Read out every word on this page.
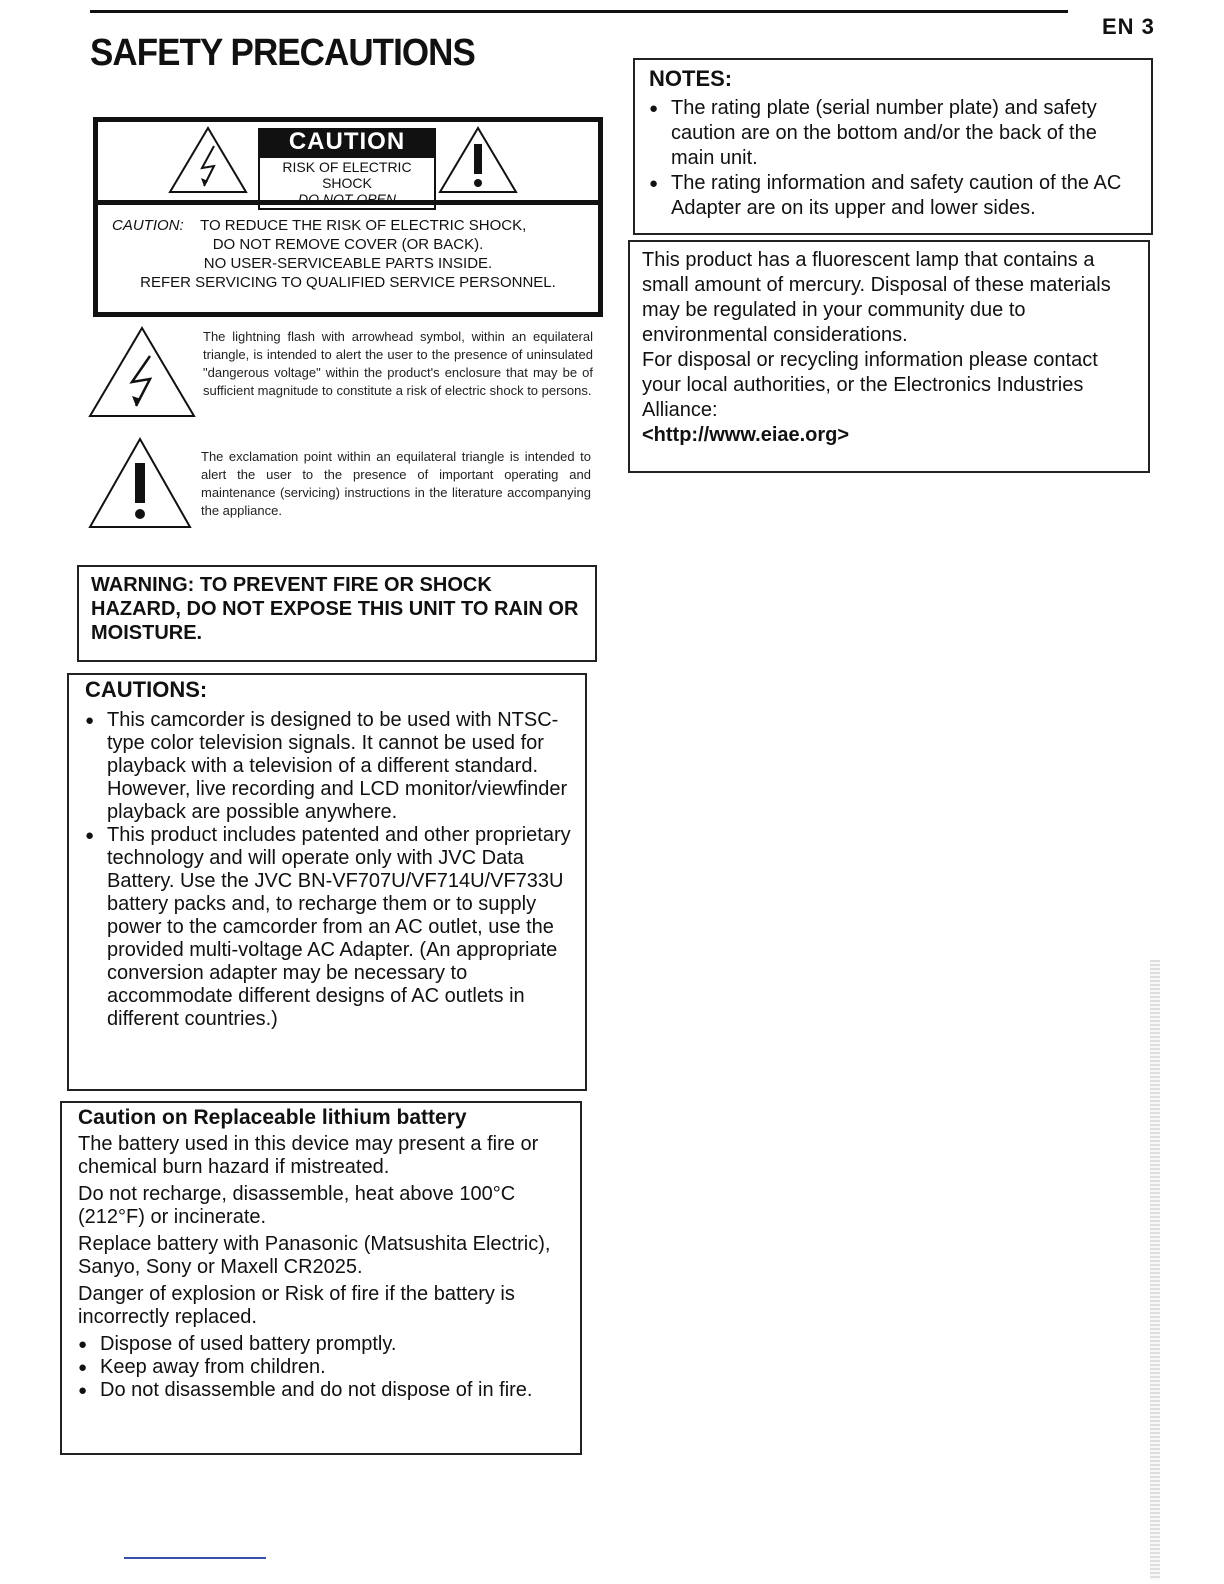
EN 3
SAFETY PRECAUTIONS
CAUTION
RISK OF ELECTRIC SHOCK
DO NOT OPEN
CAUTION: TO REDUCE THE RISK OF ELECTRIC SHOCK,
DO NOT REMOVE COVER (OR BACK).
NO USER-SERVICEABLE PARTS INSIDE.
REFER SERVICING TO QUALIFIED SERVICE PERSONNEL.
The lightning flash with arrowhead symbol, within an equilateral triangle, is intended to alert the user to the presence of uninsulated "dangerous voltage" within the product's enclosure that may be of sufficient magnitude to constitute a risk of electric shock to persons.
The exclamation point within an equilateral triangle is intended to alert the user to the presence of important operating and maintenance (servicing) instructions in the literature accompanying the appliance.
WARNING: TO PREVENT FIRE OR SHOCK HAZARD, DO NOT EXPOSE THIS UNIT TO RAIN OR MOISTURE.
CAUTIONS:
● This camcorder is designed to be used with NTSC-type color television signals. It cannot be used for playback with a television of a different standard. However, live recording and LCD monitor/viewfinder playback are possible anywhere.
● This product includes patented and other proprietary technology and will operate only with JVC Data Battery. Use the JVC BN-VF707U/VF714U/VF733U battery packs and, to recharge them or to supply power to the camcorder from an AC outlet, use the provided multi-voltage AC Adapter. (An appropriate conversion adapter may be necessary to accommodate different designs of AC outlets in different countries.)
Caution on Replaceable lithium battery

The battery used in this device may present a fire or chemical burn hazard if mistreated.

Do not recharge, disassemble, heat above 100°C (212°F) or incinerate.

Replace battery with Panasonic (Matsushita Electric), Sanyo, Sony or Maxell CR2025.

Danger of explosion or Risk of fire if the battery is incorrectly replaced.

● Dispose of used battery promptly.
● Keep away from children.
● Do not disassemble and do not dispose of in fire.
NOTES:
● The rating plate (serial number plate) and safety caution are on the bottom and/or the back of the main unit.
● The rating information and safety caution of the AC Adapter are on its upper and lower sides.

This product has a fluorescent lamp that contains a small amount of mercury. Disposal of these materials may be regulated in your community due to environmental considerations.

For disposal or recycling information please contact your local authorities, or the Electronics Industries Alliance:

<http://www.eiae.org>
